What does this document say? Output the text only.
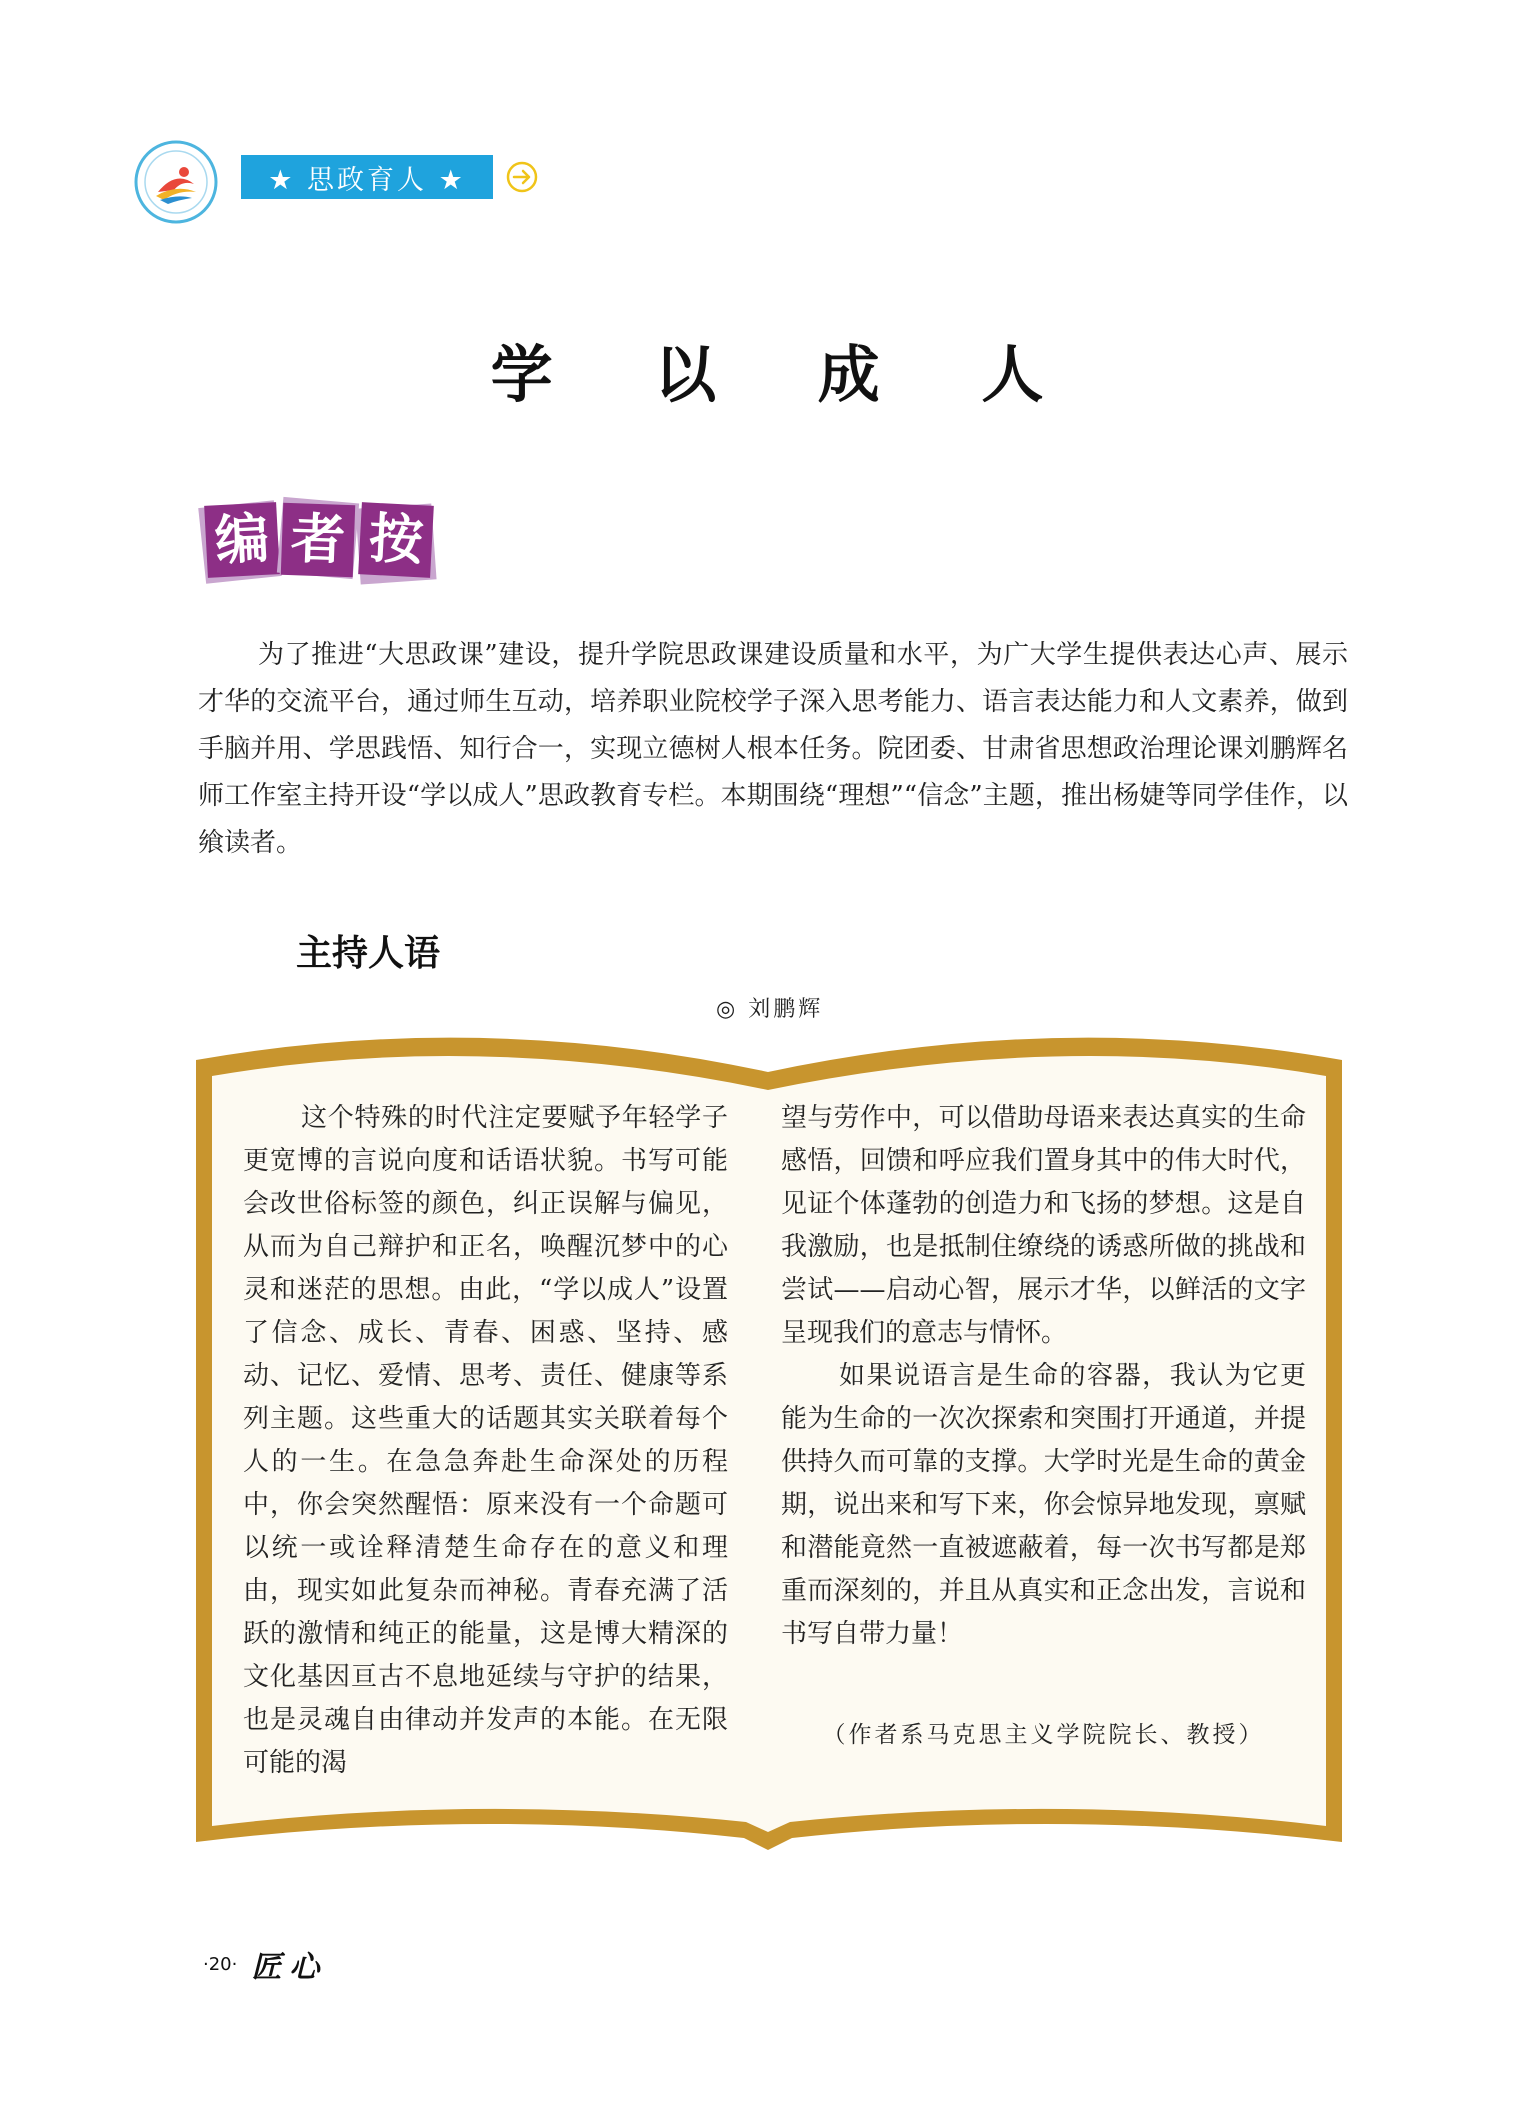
★ 思政育人 ★
学 以 成 人
编 者 按

为了推进“大思政课”建设，提升学院思政课建设质量和水平，为广大学生提供表达心声、展示才华的交流平台，通过师生互动，培养职业院校学子深入思考能力、语言表达能力和人文素养，做到手脑并用、学思践悟、知行合一，实现立德树人根本任务。院团委、甘肃省思想政治理论课刘鹏辉名师工作室主持开设“学以成人”思政教育专栏。本期围绕“理想”“信念”主题，推出杨婕等同学佳作，以飨读者。

主持人语
◎ 刘鹏辉

这个特殊的时代注定要赋予年轻学子更宽博的言说向度和话语状貌。书写可能会改世俗标签的颜色，纠正误解与偏见，从而为自己辩护和正名，唤醒沉梦中的心灵和迷茫的思想。由此，“学以成人”设置了信念、成长、青春、困惑、坚持、感动、记忆、爱情、思考、责任、健康等系列主题。这些重大的话题其实关联着每个人的一生。在急急奔赴生命深处的历程中，你会突然醒悟：原来没有一个命题可以统一或诠释清楚生命存在的意义和理由，现实如此复杂而神秘。青春充满了活跃的激情和纯正的能量，这是博大精深的文化基因亘古不息地延续与守护的结果，也是灵魂自由律动并发声的本能。在无限可能的渴

望与劳作中，可以借助母语来表达真实的生命感悟，回馈和呼应我们置身其中的伟大时代，见证个体蓬勃的创造力和飞扬的梦想。这是自我激励，也是抵制住缭绕的诱惑所做的挑战和尝试——启动心智，展示才华，以鲜活的文字呈现我们的意志与情怀。

如果说语言是生命的容器，我认为它更能为生命的一次次探索和突围打开通道，并提供持久而可靠的支撑。大学时光是生命的黄金期，说出来和写下来，你会惊异地发现，禀赋和潜能竟然一直被遮蔽着，每一次书写都是郑重而深刻的，并且从真实和正念出发，言说和书写自带力量！

（作者系马克思主义学院院长、教授）

·20· 匠心
